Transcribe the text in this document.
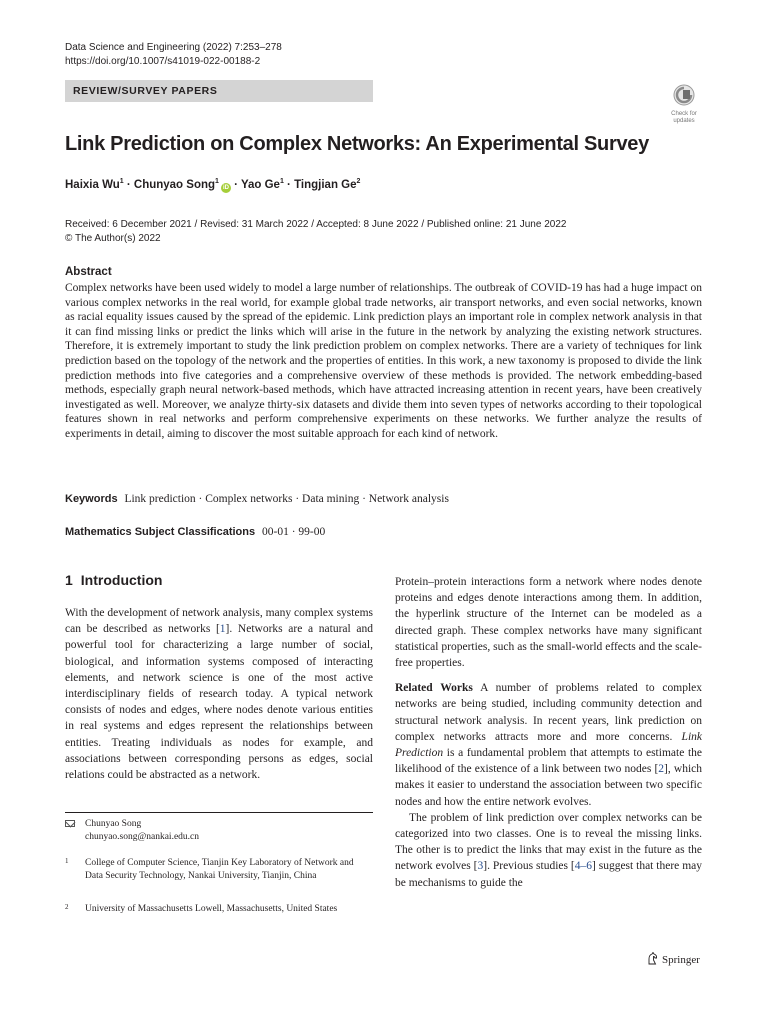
Data Science and Engineering (2022) 7:253–278
https://doi.org/10.1007/s41019-022-00188-2
REVIEW/SURVEY PAPERS
Check for
updates
Link Prediction on Complex Networks: An Experimental Survey
Haixia $Wu^1$ · Chunyao Song$^1$iD · Yao $Ge^1$ · Tingjian Ge$^2$
Received: 6 December 2021 / Revised: 31 March 2022 / Accepted: 8 June 2022 / Published online: 21 June 2022
© The Author(s) 2022
Abstract
Complex networks have been used widely to model a large number of relationships. The outbreak of COVID-19 has had a huge impact on various complex networks in the real world, for example global trade networks, air transport networks, and even social networks, known as racial equality issues caused by the spread of the epidemic. Link prediction plays an important role in complex network analysis in that it can find missing links or predict the links which will arise in the future in the network by analyzing the existing network structures. Therefore, it is extremely important to study the link prediction problem on complex networks. There are a variety of techniques for link prediction based on the topology of the network and the properties of entities. In this work, a new taxonomy is proposed to divide the link prediction methods into five categories and a comprehensive overview of these methods is provided. The network embedding-based methods, especially graph neural network-based methods, which have attracted increasing attention in recent years, have been creatively investigated as well. Moreover, we analyze thirty-six datasets and divide them into seven types of networks according to their topological features shown in real networks and perform comprehensive experiments on these networks. We further analyze the results of experiments in detail, aiming to discover the most suitable approach for each kind of network.
Keywords Link prediction · Complex networks · Data mining · Network analysis
Mathematics Subject Classifications 00-01 · 99-00
1 Introduction

With the development of network analysis, many complex systems can be described as networks [1]. Networks are a natural and powerful tool for characterizing a large number of social, biological, and information systems composed of interacting elements, and network science is one of the most active interdisciplinary fields of research today. A typical network consists of nodes and edges, where nodes denote various entities in real systems and edges represent the relationships between entities. Treating individuals as nodes for example, and associations between corresponding persons as edges, social relations could be abstracted as a network.

Chunyao Song
chunyao.song@nankai.edu.cn
1 College of Computer Science, Tianjin Key Laboratory of Network and Data Security Technology, Nankai University, Tianjin, China
2 University of Massachusetts Lowell, Massachusetts, United States

Protein–protein interactions form a network where nodes denote proteins and edges denote interactions among them. In addition, the hyperlink structure of the Internet can be modeled as a directed graph. These complex networks have many significant statistical properties, such as the small-world effects and the scale-free properties.

Related Works A number of problems related to complex networks are being studied, including community detection and structural network analysis. In recent years, link prediction on complex networks attracts more and more concerns. Link Prediction is a fundamental problem that attempts to estimate the likelihood of the existence of a link between two nodes [2], which makes it easier to understand the association between two specific nodes and how the entire network evolves.

The problem of link prediction over complex networks can be categorized into two classes. One is to reveal the missing links. The other is to predict the links that may exist in the future as the network evolves [3]. Previous studies [4–6] suggest that there may be mechanisms to guide the

Springer
